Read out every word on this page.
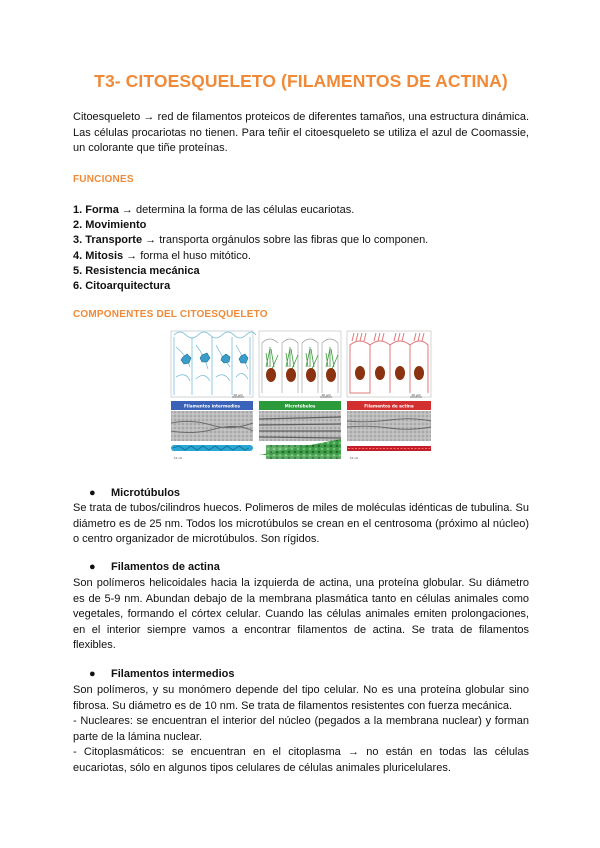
T3- CITOESQUELETO (FILAMENTOS DE ACTINA)

Citoesqueleto → red de filamentos proteicos de diferentes tamaños, una estructura dinámica. Las células procariotas no tienen. Para teñir el citoesqueleto se utiliza el azul de Coomassie, un colorante que tiñe proteínas.

FUNCIONES
1. Forma → determina la forma de las células eucariotas.
2. Movimiento
3. Transporte → transporta orgánulos sobre las fibras que lo componen.
4. Mitosis → forma el huso mitótico.
5. Resistencia mecánica
6. Citoarquitectura
COMPONENTES DEL CITOESQUELETO
10 µm	10 µm	10 µm
Filamentos intermedios	Microtúbulos	Filamentos de actina
10 nm	10 nm
● Microtúbulos

Se trata de tubos/cilindros huecos. Polimeros de miles de moléculas idénticas de tubulina. Su diámetro es de 25 nm. Todos los microtúbulos se crean en el centrosoma (próximo al núcleo) o centro organizador de microtúbulos. Son rígidos.

● Filamentos de actina

Son polímeros helicoidales hacia la izquierda de actina, una proteína globular. Su diámetro es de 5-9 nm. Abundan debajo de la membrana plasmática tanto en células animales como vegetales, formando el córtex celular. Cuando las células animales emiten prolongaciones, en el interior siempre vamos a encontrar filamentos de actina. Se trata de filamentos flexibles.

● Filamentos intermedios

Son polímeros, y su monómero depende del tipo celular. No es una proteína globular sino fibrosa. Su diámetro es de 10 nm. Se trata de filamentos resistentes con fuerza mecánica.

- Nucleares: se encuentran el interior del núcleo (pegados a la membrana nuclear) y forman parte de la lámina nuclear.

- Citoplasmáticos: se encuentran en el citoplasma → no están en todas las células eucariotas, sólo en algunos tipos celulares de células animales pluricelulares.
